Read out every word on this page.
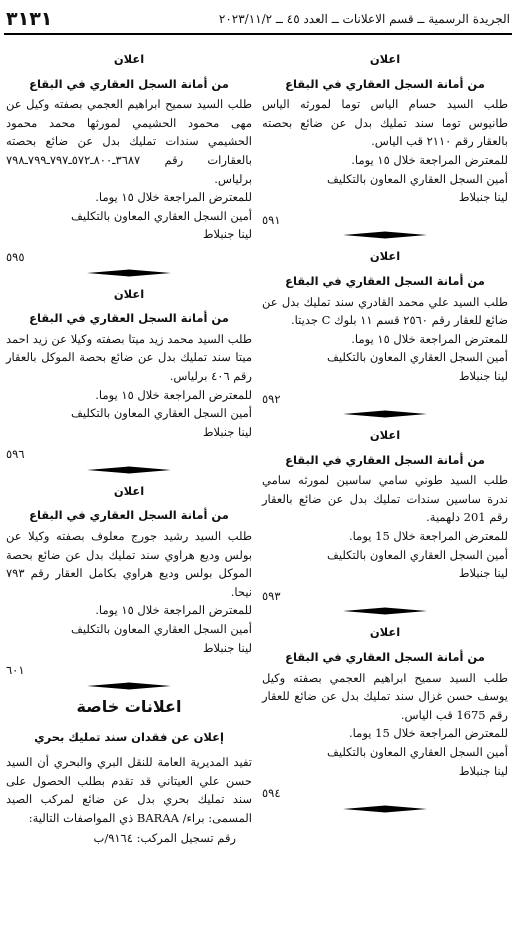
الجريدة الرسمية ــ قسم الاعلانات ــ العدد ٤٥ ــ ٢٠٢٣/١١/٢
٣١٣١
اعلان
من أمانة السجل العقاري في البقاع

طلب السيد حسام الياس توما لمورثه الياس طانيوس توما سند تمليك بدل عن ضائع بحصته بالعقار رقم ٢١١٠ قب الياس.

للمعترض المراجعة خلال ١٥ يوما.

أمين السجل العقاري المعاون بالتكليف

لينا جنبلاط

٥٩١
اعلان
من أمانة السجل العقاري في البقاع

طلب السيد علي محمد القادري سند تمليك بدل عن ضائع للعقار رقم ٢٥٦٠ قسم ١١ بلوك C جديتا.

للمعترض المراجعة خلال ١٥ يوما.

أمين السجل العقاري المعاون بالتكليف

لينا جنبلاط

٥٩٢
اعلان
من أمانة السجل العقاري في البقاع

طلب السيد طوني سامي ساسين لمورثه سامي ندرة ساسين سندات تمليك بدل عن ضائع بالعقار رقم 201 دلهمية.

للمعترض المراجعة خلال 15 يوما.

أمين السجل العقاري المعاون بالتكليف

لينا جنبلاط

٥٩٣
اعلان
من أمانة السجل العقاري في البقاع

طلب السيد سميح ابراهيم العجمي بصفته وكيل يوسف حسن غزال سند تمليك بدل عن ضائع للعقار رقم 1675 قب الياس.

للمعترض المراجعة خلال 15 يوما.

أمين السجل العقاري المعاون بالتكليف

لينا جنبلاط

٥٩٤
اعلان
من أمانة السجل العقاري في البقاع

طلب السيد سميح ابراهيم العجمي بصفته وكيل عن مهى محمود الحشيمي لمورثها محمد محمود الحشيمي سندات تمليك بدل عن ضائع بحصته بالعقارات رقم ٣٦٨٧ـ٨٠٠ـ٥٧٢ـ٧٩٧ـ٧٩٩ـ٧٩٨ برلياس.

للمعترض المراجعة خلال ١٥ يوما.

أمين السجل العقاري المعاون بالتكليف

لينا جنبلاط

٥٩٥
اعلان
من أمانة السجل العقاري في البقاع

طلب السيد محمد زيد ميتا بصفته وكيلا عن زيد احمد ميتا سند تمليك بدل عن ضائع بحصة الموكل بالعقار رقم ٤٠٦ برلياس.

للمعترض المراجعة خلال ١٥ يوما.

أمين السجل العقاري المعاون بالتكليف

لينا جنبلاط

٥٩٦
اعلان
من أمانة السجل العقاري في البقاع

طلب السيد رشيد جورج معلوف بصفته وكيلا عن بولس وديع هراوي سند تمليك بدل عن ضائع بحصة الموكل بولس وديع هراوي بكامل العقار رقم ٧٩٣ نيحا.

للمعترض المراجعة خلال ١٥ يوما.

أمين السجل العقاري المعاون بالتكليف

لينا جنبلاط

٦٠١
اعلانات خاصة
إعلان عن فقدان سند تمليك بحري
تفيد المديرية العامة للنقل البري والبحري أن السيد حسن علي العيتاني قد تقدم بطلب الحصول على سند تمليك بحري بدل عن ضائع لمركب الصيد المسمى: براء/ BARAA ذي المواصفات التالية:
رقم تسجيل المركب: ٩١٦٤/ب
